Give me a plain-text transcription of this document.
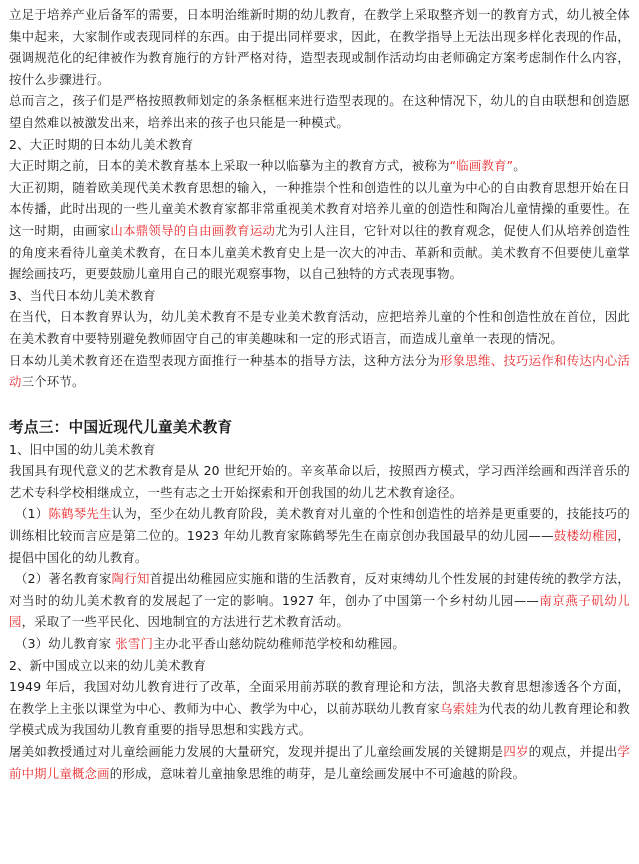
立足于培养产业后备军的需要，日本明治维新时期的幼儿教育，在教学上采取整齐划一的教育方式，幼儿被全体集中起来，大家制作或表现同样的东西。由于提出同样要求，因此，在教学指导上无法出现多样化表现的作品，强调规范化的纪律被作为教育施行的方针严格对待，造型表现或制作活动均由老师确定方案考虑制作什么内容，按什么步骤进行。

总而言之，孩子们是严格按照教师划定的条条框框来进行造型表现的。在这种情况下，幼儿的自由联想和创造愿望自然难以被激发出来，培养出来的孩子也只能是一种模式。

2、大正时期的日本幼儿美术教育

大正时期之前，日本的美术教育基本上采取一种以临摹为主的教育方式，被称为“临画教育”。

大正初期，随着欧美现代美术教育思想的输入，一种推崇个性和创造性的以儿童为中心的自由教育思想开始在日本传播，此时出现的一些儿童美术教育家都非常重视美术教育对培养儿童的创造性和陶冶儿童情操的重要性。在这一时期，由画家山本鼎领导的自由画教育运动尤为引人注目，它针对以往的教育观念，促使人们从培养创造性的角度来看待儿童美术教育，在日本儿童美术教育史上是一次大的冲击、革新和贡献。美术教育不但要使儿童掌握绘画技巧，更要鼓励儿童用自己的眼光观察事物，以自己独特的方式表现事物。

3、当代日本幼儿美术教育

在当代，日本教育界认为，幼儿美术教育不是专业美术教育活动，应把培养儿童的个性和创造性放在首位，因此在美术教育中要特别避免教师固守自己的审美趣味和一定的形式语言，而造成儿童单一表现的情况。

日本幼儿美术教育还在造型表现方面推行一种基本的指导方法，这种方法分为形象思维、技巧运作和传达内心活动三个环节。

考点三：中国近现代儿童美术教育

1、旧中国的幼儿美术教育

我国具有现代意义的艺术教育是从 20 世纪开始的。辛亥革命以后，按照西方模式，学习西洋绘画和西洋音乐的艺术专科学校相继成立，一些有志之士开始探索和开创我国的幼儿艺术教育途径。

（1）陈鹤琴先生认为，至少在幼儿教育阶段，美术教育对儿童的个性和创造性的培养是更重要的，技能技巧的训练相比较而言应是第二位的。1923 年幼儿教育家陈鹤琴先生在南京创办我国最早的幼儿园——鼓楼幼稚园，提倡中国化的幼儿教育。

（2）著名教育家陶行知首提出幼稚园应实施和谐的生活教育，反对束缚幼儿个性发展的封建传统的教学方法，对当时的幼儿美术教育的发展起了一定的影响。1927 年，创办了中国第一个乡村幼儿园——南京燕子矶幼儿园，采取了一些平民化、因地制宜的方法进行艺术教育活动。

（3）幼儿教育家 张雪门主办北平香山慈幼院幼稚师范学校和幼稚园。

2、新中国成立以来的幼儿美术教育

1949 年后，我国对幼儿教育进行了改革，全面采用前苏联的教育理论和方法，凯洛夫教育思想渗透各个方面，在教学上主张以课堂为中心、教师为中心、教学为中心，以前苏联幼儿教育家乌索娃为代表的幼儿教育理论和教学模式成为我国幼儿教育重要的指导思想和实践方式。

屠美如教授通过对儿童绘画能力发展的大量研究，发现并提出了儿童绘画发展的关键期是四岁的观点，并提出学前中期儿童概念画的形成，意味着儿童抽象思维的萌芽，是儿童绘画发展中不可逾越的阶段。
